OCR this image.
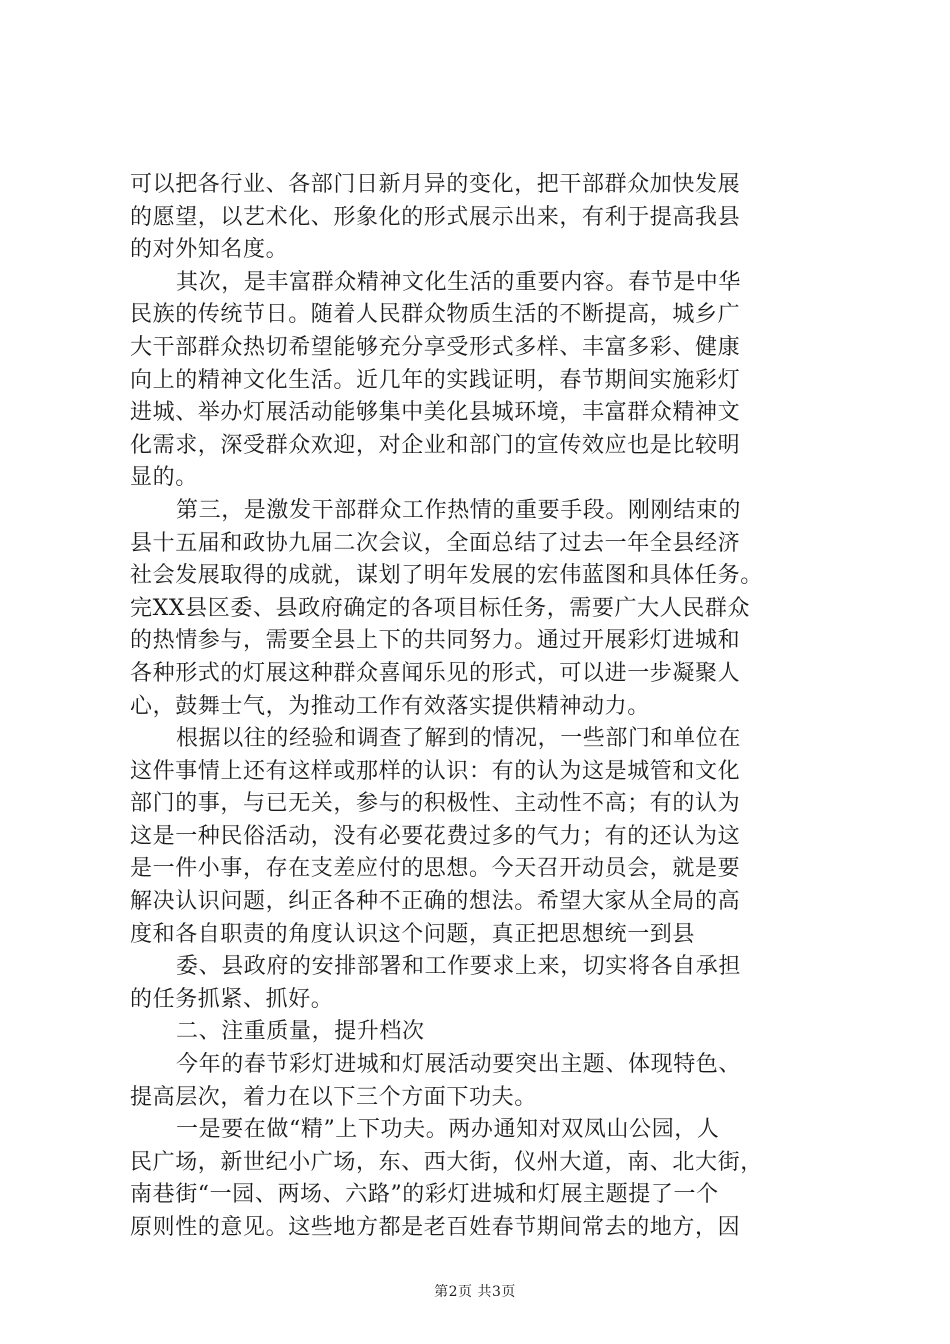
可以把各行业、各部门日新月异的变化，把干部群众加快发展
的愿望，以艺术化、形象化的形式展示出来，有利于提高我县
的对外知名度。
其次，是丰富群众精神文化生活的重要内容。春节是中华
民族的传统节日。随着人民群众物质生活的不断提高，城乡广
大干部群众热切希望能够充分享受形式多样、丰富多彩、健康
向上的精神文化生活。近几年的实践证明，春节期间实施彩灯
进城、举办灯展活动能够集中美化县城环境，丰富群众精神文
化需求，深受群众欢迎，对企业和部门的宣传效应也是比较明
显的。
第三，是激发干部群众工作热情的重要手段。刚刚结束的
县十五届和政协九届二次会议，全面总结了过去一年全县经济
社会发展取得的成就，谋划了明年发展的宏伟蓝图和具体任务。
完XX县区委、县政府确定的各项目标任务，需要广大人民群众
的热情参与，需要全县上下的共同努力。通过开展彩灯进城和
各种形式的灯展这种群众喜闻乐见的形式，可以进一步凝聚人
心，鼓舞士气，为推动工作有效落实提供精神动力。
根据以往的经验和调查了解到的情况，一些部门和单位在
这件事情上还有这样或那样的认识：有的认为这是城管和文化
部门的事，与已无关，参与的积极性、主动性不高；有的认为
这是一种民俗活动，没有必要花费过多的气力；有的还认为这
是一件小事，存在支差应付的思想。今天召开动员会，就是要
解决认识问题，纠正各种不正确的想法。希望大家从全局的高
度和各自职责的角度认识这个问题，真正把思想统一到县
委、县政府的安排部署和工作要求上来，切实将各自承担
的任务抓紧、抓好。
二、注重质量，提升档次
今年的春节彩灯进城和灯展活动要突出主题、体现特色、
提高层次，着力在以下三个方面下功夫。
一是要在做“精”上下功夫。两办通知对双凤山公园，人
民广场，新世纪小广场，东、西大街，仪州大道，南、北大街，
南巷街“一园、两场、六路”的彩灯进城和灯展主题提了一个
原则性的意见。这些地方都是老百姓春节期间常去的地方，因
第2页 共3页
